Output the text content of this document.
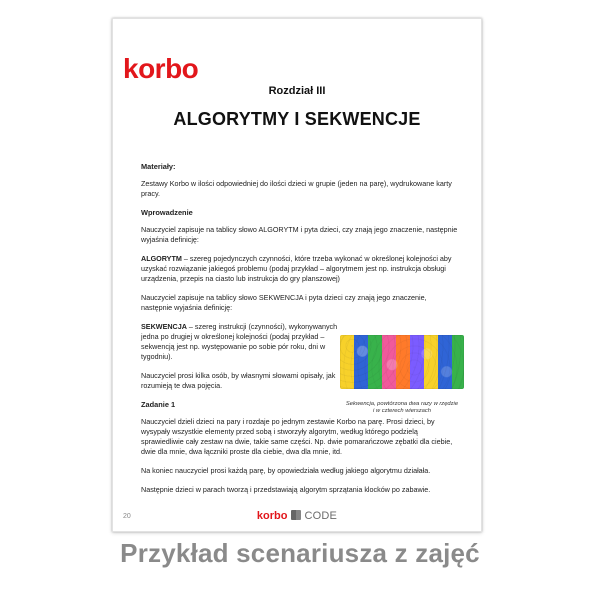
korbo
Rozdział III
ALGORYTMY I SEKWENCJE
Materiały:
Zestawy Korbo w ilości odpowiedniej do ilości dzieci w grupie (jeden na parę), wydrukowane karty pracy.
Wprowadzenie
Nauczyciel zapisuje na tablicy słowo ALGORYTM i pyta dzieci, czy znają jego znaczenie, następnie wyjaśnia definicję:
ALGORYTM – szereg pojedynczych czynności, które trzeba wykonać w określonej kolejności aby uzyskać rozwiązanie jakiegoś problemu (podaj przykład – algorytmem jest np. instrukcja obsługi urządzenia, przepis na ciasto lub instrukcja do gry planszowej)
Nauczyciel zapisuje na tablicy słowo SEKWENCJA i pyta dzieci czy znają jego znaczenie, następnie wyjaśnia definicję:
SEKWENCJA – szereg instrukcji (czynności), wykonywanych jedna po drugiej w określonej kolejności (podaj przykład – sekwencją jest np. występowanie po sobie pór roku, dni w tygodniu).
Nauczyciel prosi kilka osób, by własnymi słowami opisały, jak rozumieją te dwa pojęcia.
Zadanie 1
Nauczyciel dzieli dzieci na pary i rozdaje po jednym zestawie Korbo na parę. Prosi dzieci, by wysypały wszystkie elementy przed sobą i stworzyły algorytm, według którego podzielą sprawiedliwie cały zestaw na dwie, takie same części. Np. dwie pomarańczowe zębatki dla ciebie, dwie dla mnie, dwa łączniki proste dla ciebie, dwa dla mnie, itd.
Na koniec nauczyciel prosi każdą parę, by opowiedziała według jakiego algorytmu działała.
Następnie dzieci w parach tworzą i przedstawiają algorytm sprzątania klocków po zabawie.
Sekwencja, powtórzona dwa razy w rzędzie
i w czterech wierszach
20	korbo CODE
Przykład scenariusza z zajęć
